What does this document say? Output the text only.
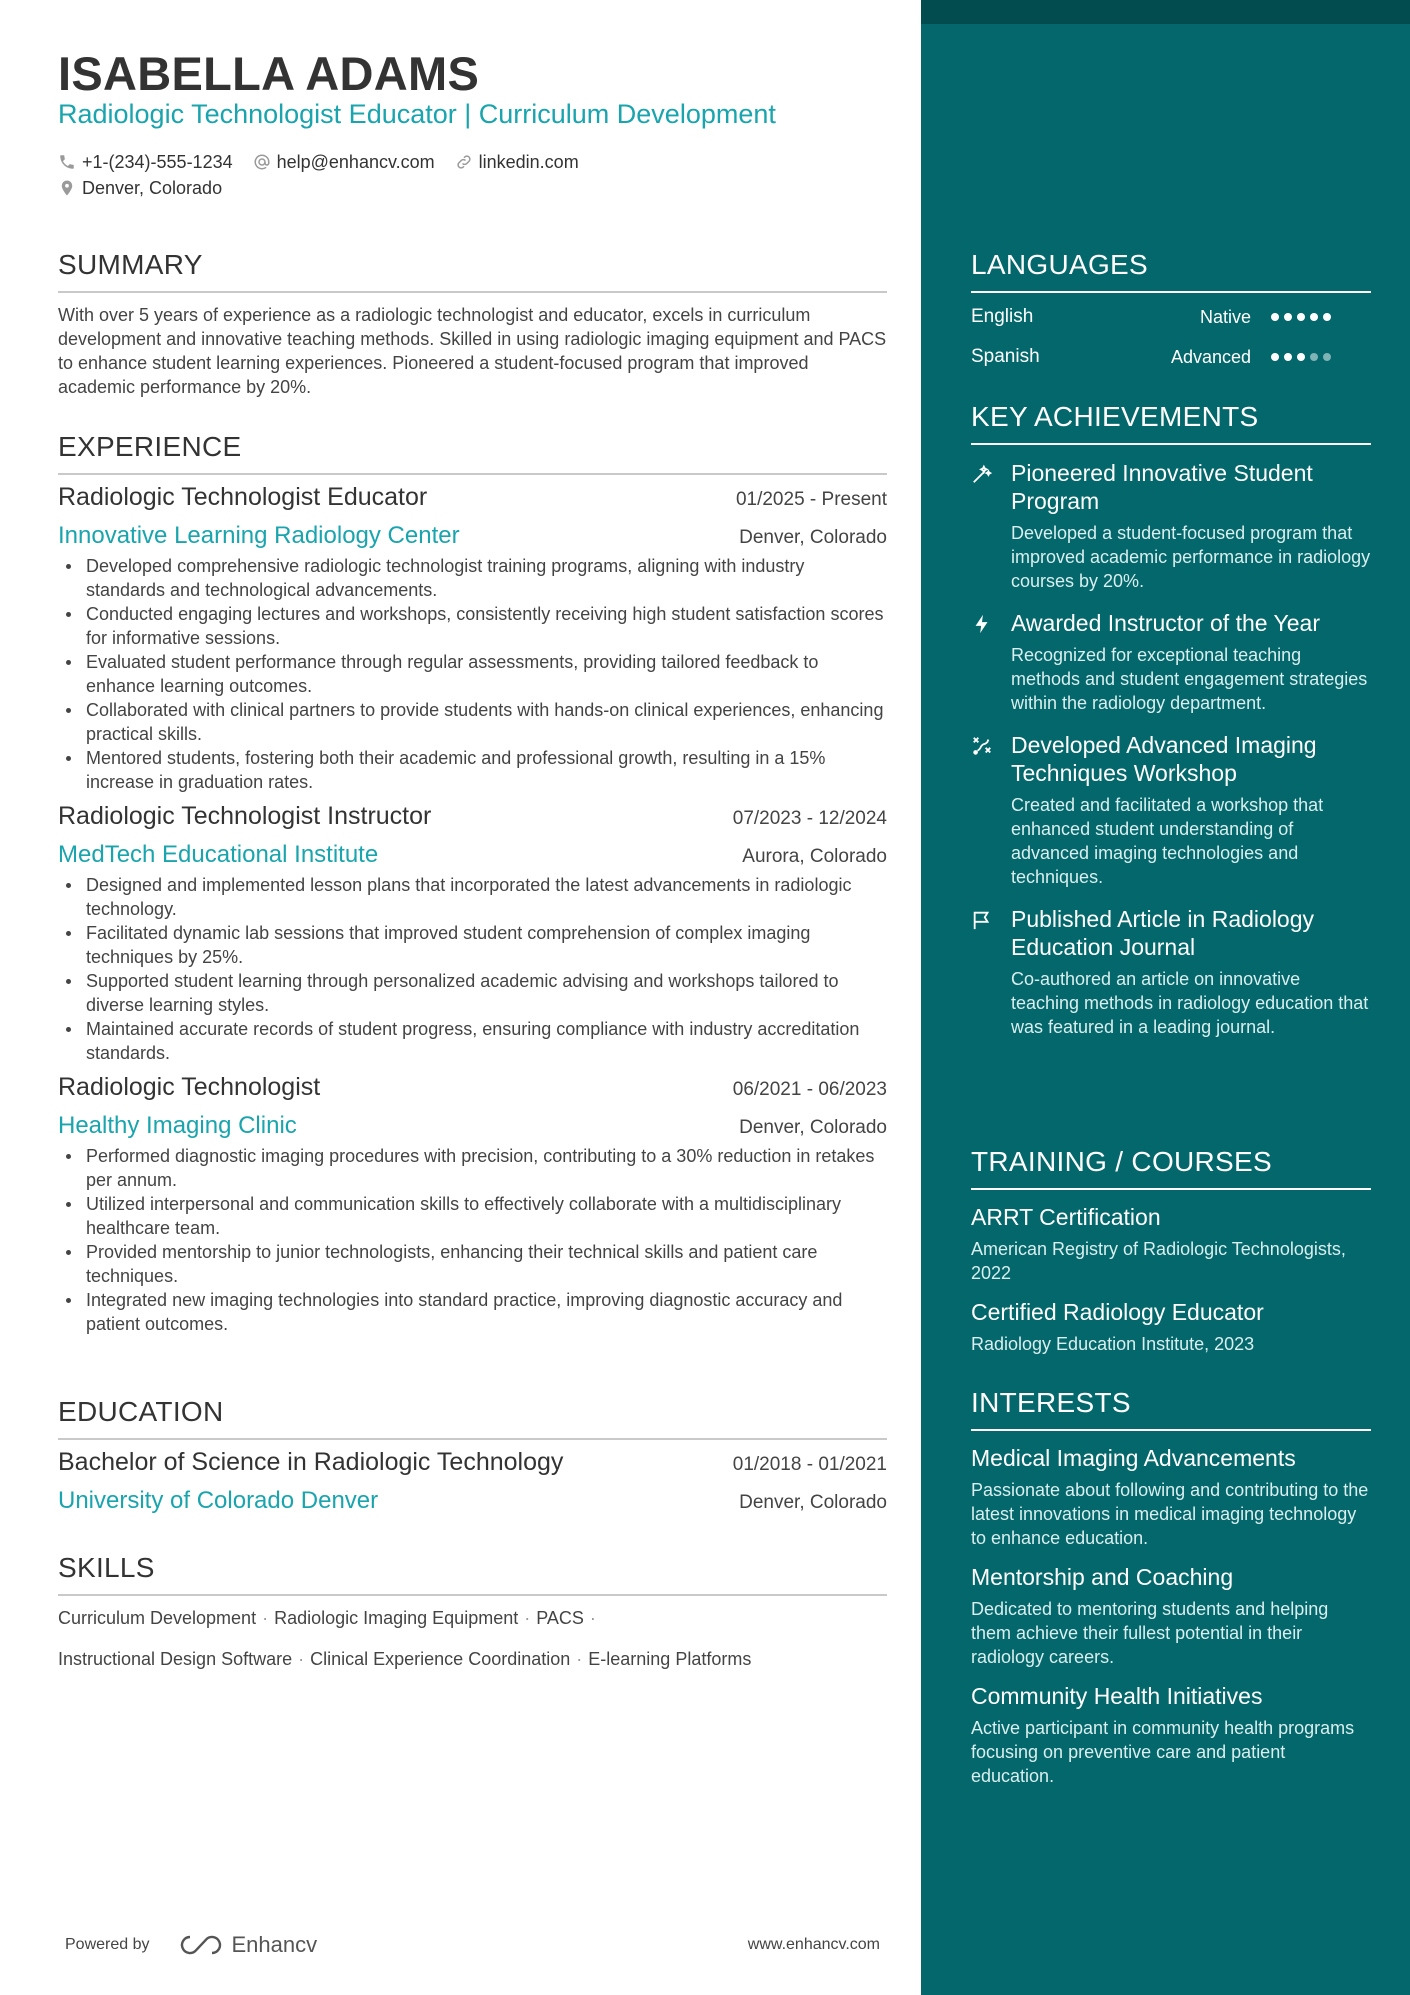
ISABELLA ADAMS
Radiologic Technologist Educator | Curriculum Development
+1-(234)-555-1234 help@enhancv.com linkedin.com
Denver, Colorado
SUMMARY

With over 5 years of experience as a radiologic technologist and educator, excels in curriculum development and innovative teaching methods. Skilled in using radiologic imaging equipment and PACS to enhance student learning experiences. Pioneered a student-focused program that improved academic performance by 20%.

EXPERIENCE
Radiologic Technologist Educator	01/2025 - Present
Innovative Learning Radiology Center	Denver, Colorado
Developed comprehensive radiologic technologist training programs, aligning with industry standards and technological advancements.
Conducted engaging lectures and workshops, consistently receiving high student satisfaction scores for informative sessions.
Evaluated student performance through regular assessments, providing tailored feedback to enhance learning outcomes.
Collaborated with clinical partners to provide students with hands-on clinical experiences, enhancing practical skills.
Mentored students, fostering both their academic and professional growth, resulting in a 15% increase in graduation rates.
Radiologic Technologist Instructor	07/2023 - 12/2024
MedTech Educational Institute	Aurora, Colorado
Designed and implemented lesson plans that incorporated the latest advancements in radiologic technology.
Facilitated dynamic lab sessions that improved student comprehension of complex imaging techniques by 25%.
Supported student learning through personalized academic advising and workshops tailored to diverse learning styles.
Maintained accurate records of student progress, ensuring compliance with industry accreditation standards.
Radiologic Technologist	06/2021 - 06/2023
Healthy Imaging Clinic	Denver, Colorado
Performed diagnostic imaging procedures with precision, contributing to a 30% reduction in retakes per annum.
Utilized interpersonal and communication skills to effectively collaborate with a multidisciplinary healthcare team.
Provided mentorship to junior technologists, enhancing their technical skills and patient care techniques.
Integrated new imaging technologies into standard practice, improving diagnostic accuracy and patient outcomes.
EDUCATION
Bachelor of Science in Radiologic Technology	01/2018 - 01/2021
University of Colorado Denver	Denver, Colorado
SKILLS
Curriculum Development · Radiologic Imaging Equipment · PACS ·
Instructional Design Software · Clinical Experience Coordination · E-learning Platforms
Powered by	Enhancv	www.enhancv.com
LANGUAGES
English	Native
Spanish	Advanced
KEY ACHIEVEMENTS
Pioneered Innovative Student Program
Developed a student-focused program that improved academic performance in radiology courses by 20%.
Awarded Instructor of the Year
Recognized for exceptional teaching methods and student engagement strategies within the radiology department.
Developed Advanced Imaging Techniques Workshop
Created and facilitated a workshop that enhanced student understanding of advanced imaging technologies and techniques.
Published Article in Radiology Education Journal
Co-authored an article on innovative teaching methods in radiology education that was featured in a leading journal.
TRAINING / COURSES
ARRT Certification
American Registry of Radiologic Technologists, 2022
Certified Radiology Educator
Radiology Education Institute, 2023
INTERESTS
Medical Imaging Advancements
Passionate about following and contributing to the latest innovations in medical imaging technology to enhance education.
Mentorship and Coaching
Dedicated to mentoring students and helping them achieve their fullest potential in their radiology careers.
Community Health Initiatives
Active participant in community health programs focusing on preventive care and patient education.
